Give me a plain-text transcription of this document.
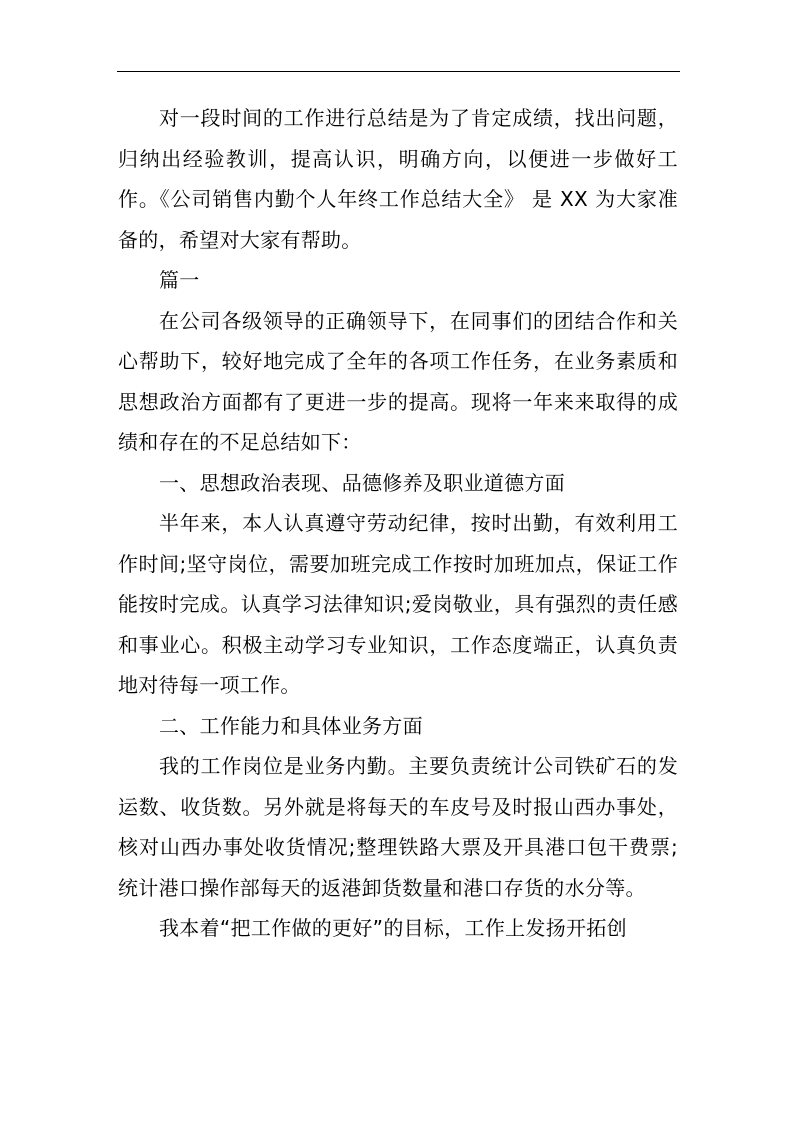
对一段时间的工作进行总结是为了肯定成绩，找出问题，归纳出经验教训，提高认识，明确方向，以便进一步做好工作。《公司销售内勤个人年终工作总结大全》 是 XX 为大家准备的，希望对大家有帮助。

篇一

在公司各级领导的正确领导下，在同事们的团结合作和关心帮助下，较好地完成了全年的各项工作任务，在业务素质和思想政治方面都有了更进一步的提高。现将一年来来取得的成绩和存在的不足总结如下：

一、思想政治表现、品德修养及职业道德方面

半年来，本人认真遵守劳动纪律，按时出勤，有效利用工作时间;坚守岗位，需要加班完成工作按时加班加点，保证工作能按时完成。认真学习法律知识;爱岗敬业，具有强烈的责任感和事业心。积极主动学习专业知识，工作态度端正，认真负责地对待每一项工作。

二、工作能力和具体业务方面

我的工作岗位是业务内勤。主要负责统计公司铁矿石的发运数、收货数。另外就是将每天的车皮号及时报山西办事处，核对山西办事处收货情况;整理铁路大票及开具港口包干费票;统计港口操作部每天的返港卸货数量和港口存货的水分等。

我本着“把工作做的更好”的目标，工作上发扬开拓创
